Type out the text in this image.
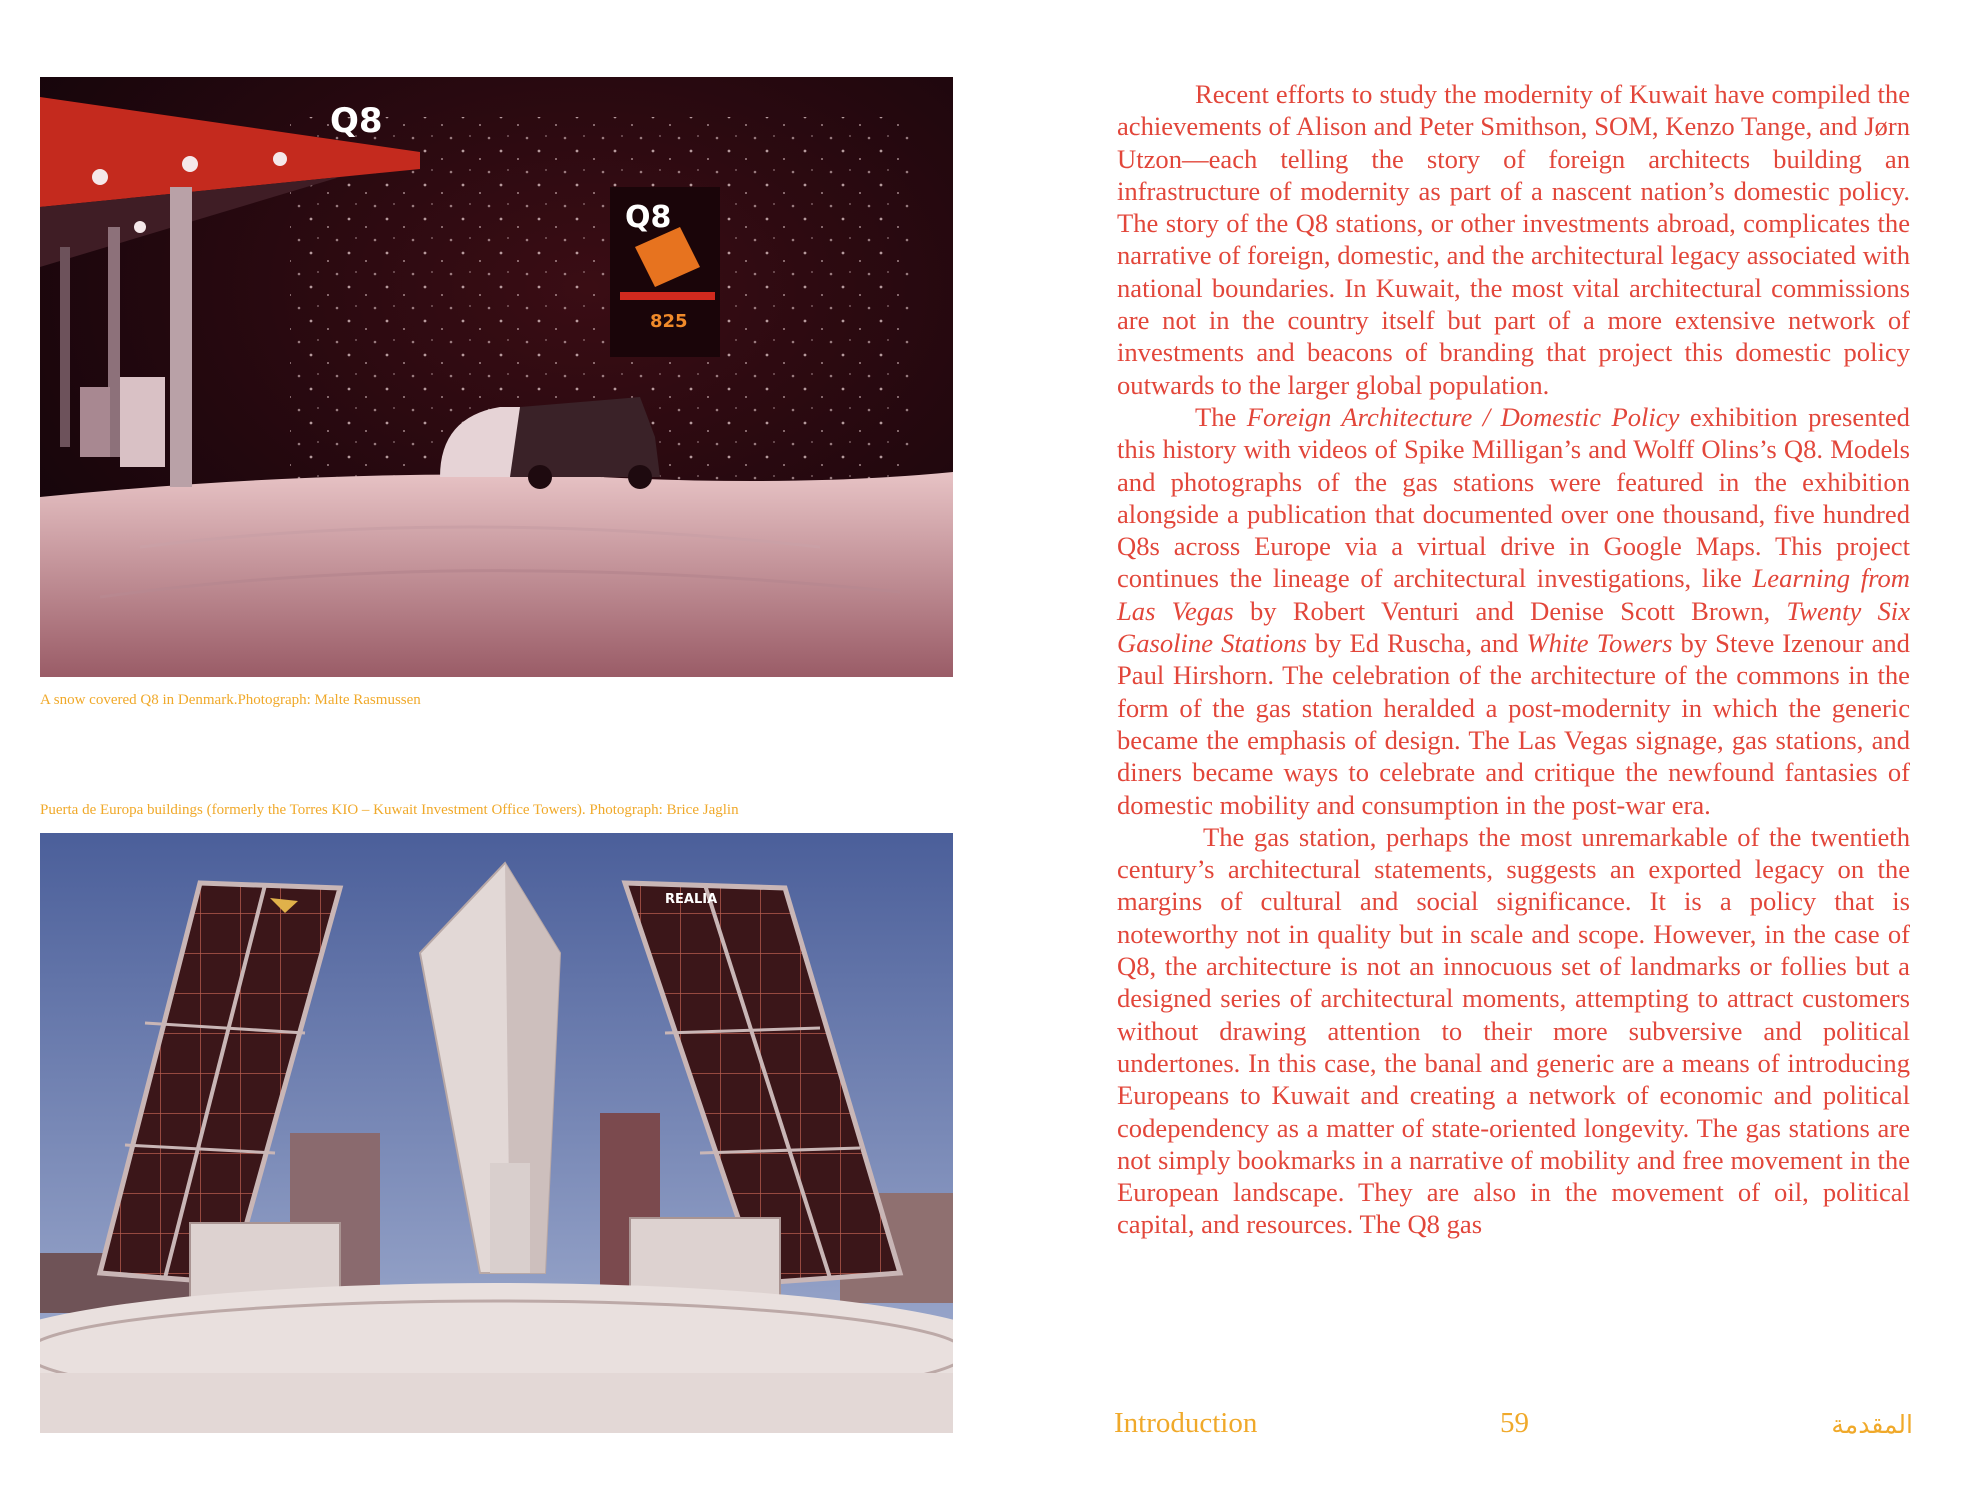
Q8
Q8
825
A snow covered Q8 in Denmark.Photograph: Malte Rasmussen
Puerta de Europa buildings (formerly the Torres KIO – Kuwait Investment Office Towers). Photograph: Brice Jaglin
REALIA

Recent efforts to study the modernity of Kuwait have compiled the achievements of Alison and Peter Smithson, SOM, Kenzo Tange, and Jørn Utzon—each telling the story of foreign architects building an infrastructure of modernity as part of a nascent nation’s domestic policy. The story of the Q8 stations, or other investments abroad, complicates the narrative of foreign, domestic, and the architectural legacy associated with national boundaries. In Kuwait, the most vital architectural commissions are not in the country itself but part of a more extensive network of investments and beacons of branding that project this domestic policy outwards to the larger global population.

The Foreign Architecture / Domestic Policy exhibition presented this history with videos of Spike Milligan’s and Wolff Olins’s Q8. Models and photographs of the gas stations were featured in the exhibition alongside a publication that documented over one thousand, five hundred Q8s across Europe via a virtual drive in Google Maps. This project continues the lineage of architectural investigations, like Learning from Las Vegas by Robert Venturi and Denise Scott Brown, Twenty Six Gasoline Stations by Ed Ruscha, and White Towers by Steve Izenour and Paul Hirshorn. The celebration of the architecture of the commons in the form of the gas station heralded a post-modernity in which the generic became the emphasis of design. The Las Vegas signage, gas stations, and diners became ways to celebrate and critique the newfound fantasies of domestic mobility and consumption in the post-war era.

The gas station, perhaps the most unremarkable of the twentieth century’s architectural statements, suggests an exported legacy on the margins of cultural and social significance. It is a policy that is noteworthy not in quality but in scale and scope. However, in the case of Q8, the architecture is not an innocuous set of landmarks or follies but a designed series of architectural moments, attempting to attract customers without drawing attention to their more subversive and political undertones. In this case, the banal and generic are a means of introducing Europeans to Kuwait and creating a network of economic and political codependency as a matter of state-oriented longevity. The gas stations are not simply bookmarks in a narrative of mobility and free movement in the European landscape. They are also in the movement of oil, political capital, and resources. The Q8 gas

Introduction	59	المقدمة
